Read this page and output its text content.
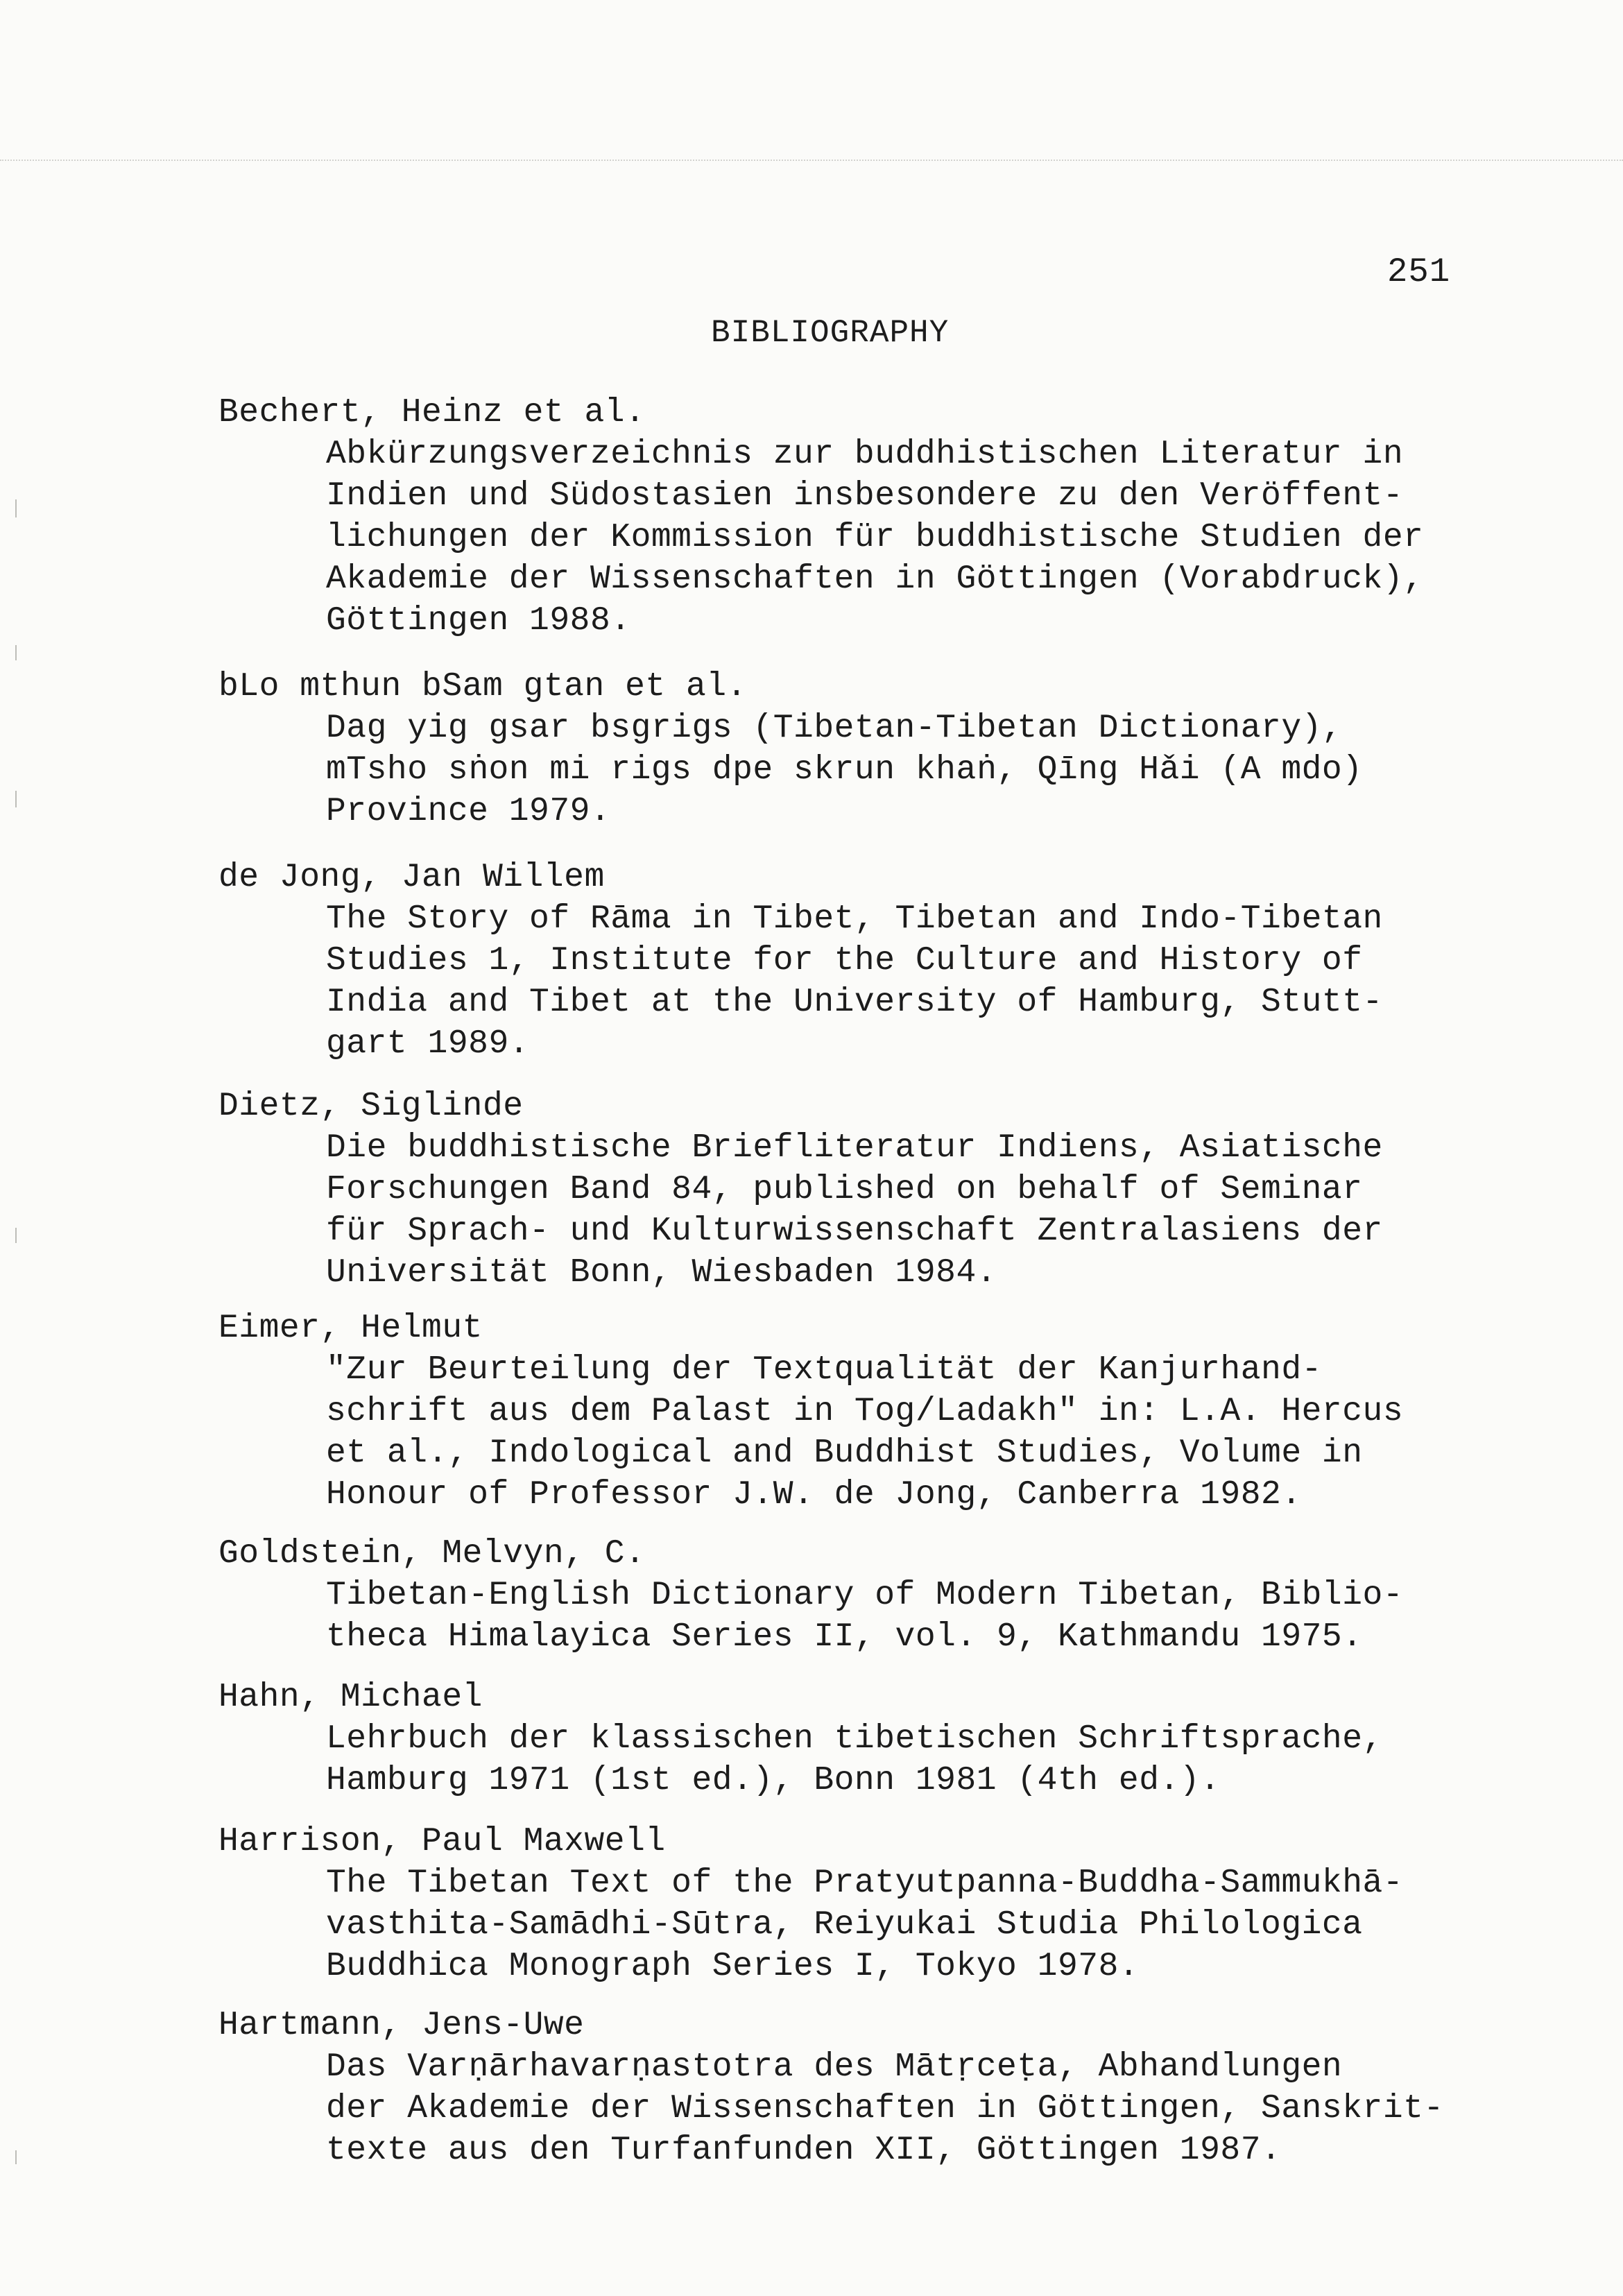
251
BIBLIOGRAPHY
Bechert, Heinz et al.
Abkürzungsverzeichnis zur buddhistischen Literatur in
Indien und Südostasien insbesondere zu den Veröffent-
lichungen der Kommission für buddhistische Studien der
Akademie der Wissenschaften in Göttingen (Vorabdruck),
Göttingen 1988.
bLo mthun bSam gtan et al.
Dag yig gsar bsgrigs (Tibetan-Tibetan Dictionary),
mTsho sṅon mi rigs dpe skrun khaṅ, Qīng Hǎi (A mdo)
Province 1979.
de Jong, Jan Willem
The Story of Rāma in Tibet, Tibetan and Indo-Tibetan
Studies 1, Institute for the Culture and History of
India and Tibet at the University of Hamburg, Stutt-
gart 1989.
Dietz, Siglinde
Die buddhistische Briefliteratur Indiens, Asiatische
Forschungen Band 84, published on behalf of Seminar
für Sprach- und Kulturwissenschaft Zentralasiens der
Universität Bonn, Wiesbaden 1984.
Eimer, Helmut
"Zur Beurteilung der Textqualität der Kanjurhand-
schrift aus dem Palast in Tog/Ladakh" in: L.A. Hercus
et al., Indological and Buddhist Studies, Volume in
Honour of Professor J.W. de Jong, Canberra 1982.
Goldstein, Melvyn, C.
Tibetan-English Dictionary of Modern Tibetan, Biblio-
theca Himalayica Series II, vol. 9, Kathmandu 1975.
Hahn, Michael
Lehrbuch der klassischen tibetischen Schriftsprache,
Hamburg 1971 (1st ed.), Bonn 1981 (4th ed.).
Harrison, Paul Maxwell
The Tibetan Text of the Pratyutpanna-Buddha-Sammukhā-
vasthita-Samādhi-Sūtra, Reiyukai Studia Philologica
Buddhica Monograph Series I, Tokyo 1978.
Hartmann, Jens-Uwe
Das Varṇārhavarṇastotra des Mātṛceṭa, Abhandlungen
der Akademie der Wissenschaften in Göttingen, Sanskrit-
texte aus den Turfanfunden XII, Göttingen 1987.
